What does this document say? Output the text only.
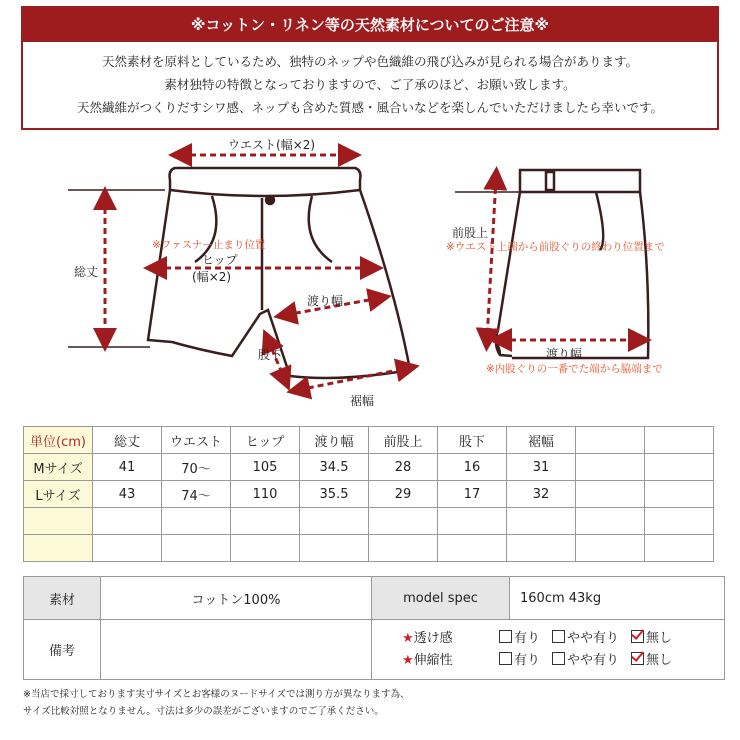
※コットン・リネン等の天然素材についてのご注意※
天然素材を原料としているため、独特のネップや色織維の飛び込みが見られる場合があります。
素材独特の特徴となっておりますので、ご了承のほど、お願い致します。
天然繊維がつくりだすシワ感、ネップも含めた質感・風合いなどを楽しんでいただけましたら幸いです。
ウエスト(幅×2)
※ファスナー止まり位置
ヒップ
(幅×2)
総丈
渡り幅
股下
裾幅
前股上
※ウエスト上端から前股ぐりの終わり位置まで
渡り幅
※内股ぐりの一番でた端から脇端まで
単位(cm)	総丈	ウエスト	ヒップ	渡り幅	前股上	股下	裾幅		
Mサイズ	41	70〜	105	34.5	28	16	31		
Lサイズ	43	74〜	110	35.5	29	17	32		

素材	コットン100%	model spec	160cm 43kg
備考		★透け感 有り やや有り 無し
★伸縮性 有り やや有り 無し	
※当店で採寸しております実寸サイズとお客様のヌードサイズでは測り方が異なります為、
サイズ比較対照となりません。寸法は多少の誤差がございますのでご了承ください。
